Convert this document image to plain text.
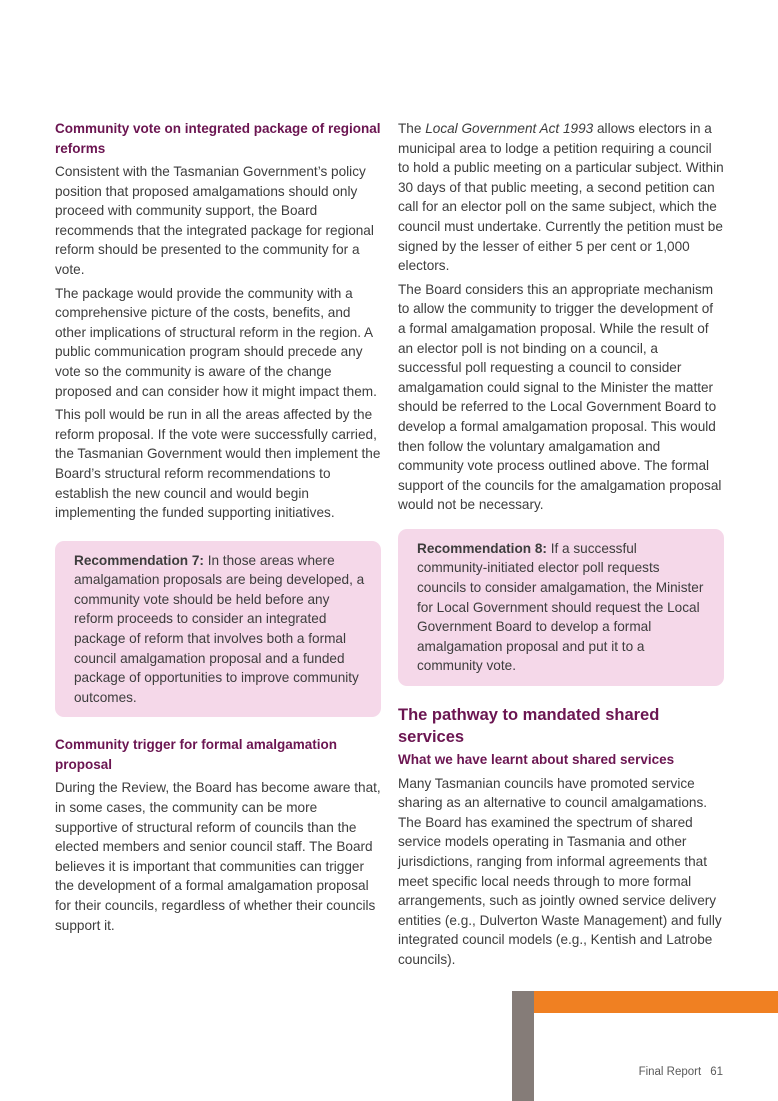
Community vote on integrated package of regional reforms

Consistent with the Tasmanian Government’s policy position that proposed amalgamations should only proceed with community support, the Board recommends that the integrated package for regional reform should be presented to the community for a vote.

The package would provide the community with a comprehensive picture of the costs, benefits, and other implications of structural reform in the region. A public communication program should precede any vote so the community is aware of the change proposed and can consider how it might impact them.

This poll would be run in all the areas affected by the reform proposal. If the vote were successfully carried, the Tasmanian Government would then implement the Board’s structural reform recommendations to establish the new council and would begin implementing the funded supporting initiatives.

Recommendation 7: In those areas where amalgamation proposals are being developed, a community vote should be held before any reform proceeds to consider an integrated package of reform that involves both a formal council amalgamation proposal and a funded package of opportunities to improve community outcomes.
Community trigger for formal amalgamation proposal

During the Review, the Board has become aware that, in some cases, the community can be more supportive of structural reform of councils than the elected members and senior council staff. The Board believes it is important that communities can trigger the development of a formal amalgamation proposal for their councils, regardless of whether their councils support it.

The Local Government Act 1993 allows electors in a municipal area to lodge a petition requiring a council to hold a public meeting on a particular subject. Within 30 days of that public meeting, a second petition can call for an elector poll on the same subject, which the council must undertake. Currently the petition must be signed by the lesser of either 5 per cent or 1,000 electors.

The Board considers this an appropriate mechanism to allow the community to trigger the development of a formal amalgamation proposal. While the result of an elector poll is not binding on a council, a successful poll requesting a council to consider amalgamation could signal to the Minister the matter should be referred to the Local Government Board to develop a formal amalgamation proposal. This would then follow the voluntary amalgamation and community vote process outlined above. The formal support of the councils for the amalgamation proposal would not be necessary.

Recommendation 8: If a successful community-initiated elector poll requests councils to consider amalgamation, the Minister for Local Government should request the Local Government Board to develop a formal amalgamation proposal and put it to a community vote.
The pathway to mandated shared services
What we have learnt about shared services

Many Tasmanian councils have promoted service sharing as an alternative to council amalgamations. The Board has examined the spectrum of shared service models operating in Tasmania and other jurisdictions, ranging from informal agreements that meet specific local needs through to more formal arrangements, such as jointly owned service delivery entities (e.g., Dulverton Waste Management) and fully integrated council models (e.g., Kentish and Latrobe councils).

Final Report 61
